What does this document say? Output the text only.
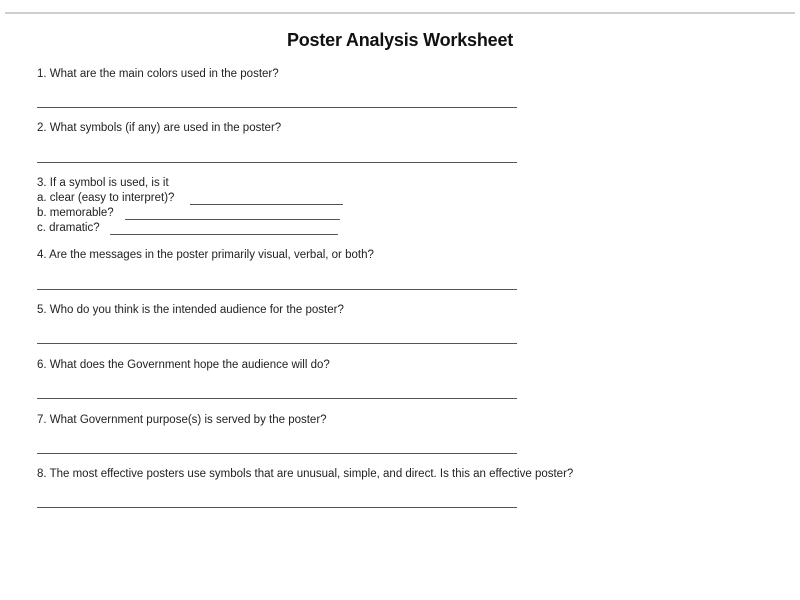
Poster Analysis Worksheet
1. What are the main colors used in the poster?
2. What symbols (if any) are used in the poster?
3. If a symbol is used, is it
a. clear (easy to interpret)?
b. memorable?
c. dramatic?
4. Are the messages in the poster primarily visual, verbal, or both?
5. Who do you think is the intended audience for the poster?
6. What does the Government hope the audience will do?
7. What Government purpose(s) is served by the poster?
8. The most effective posters use symbols that are unusual, simple, and direct. Is this an effective poster?
